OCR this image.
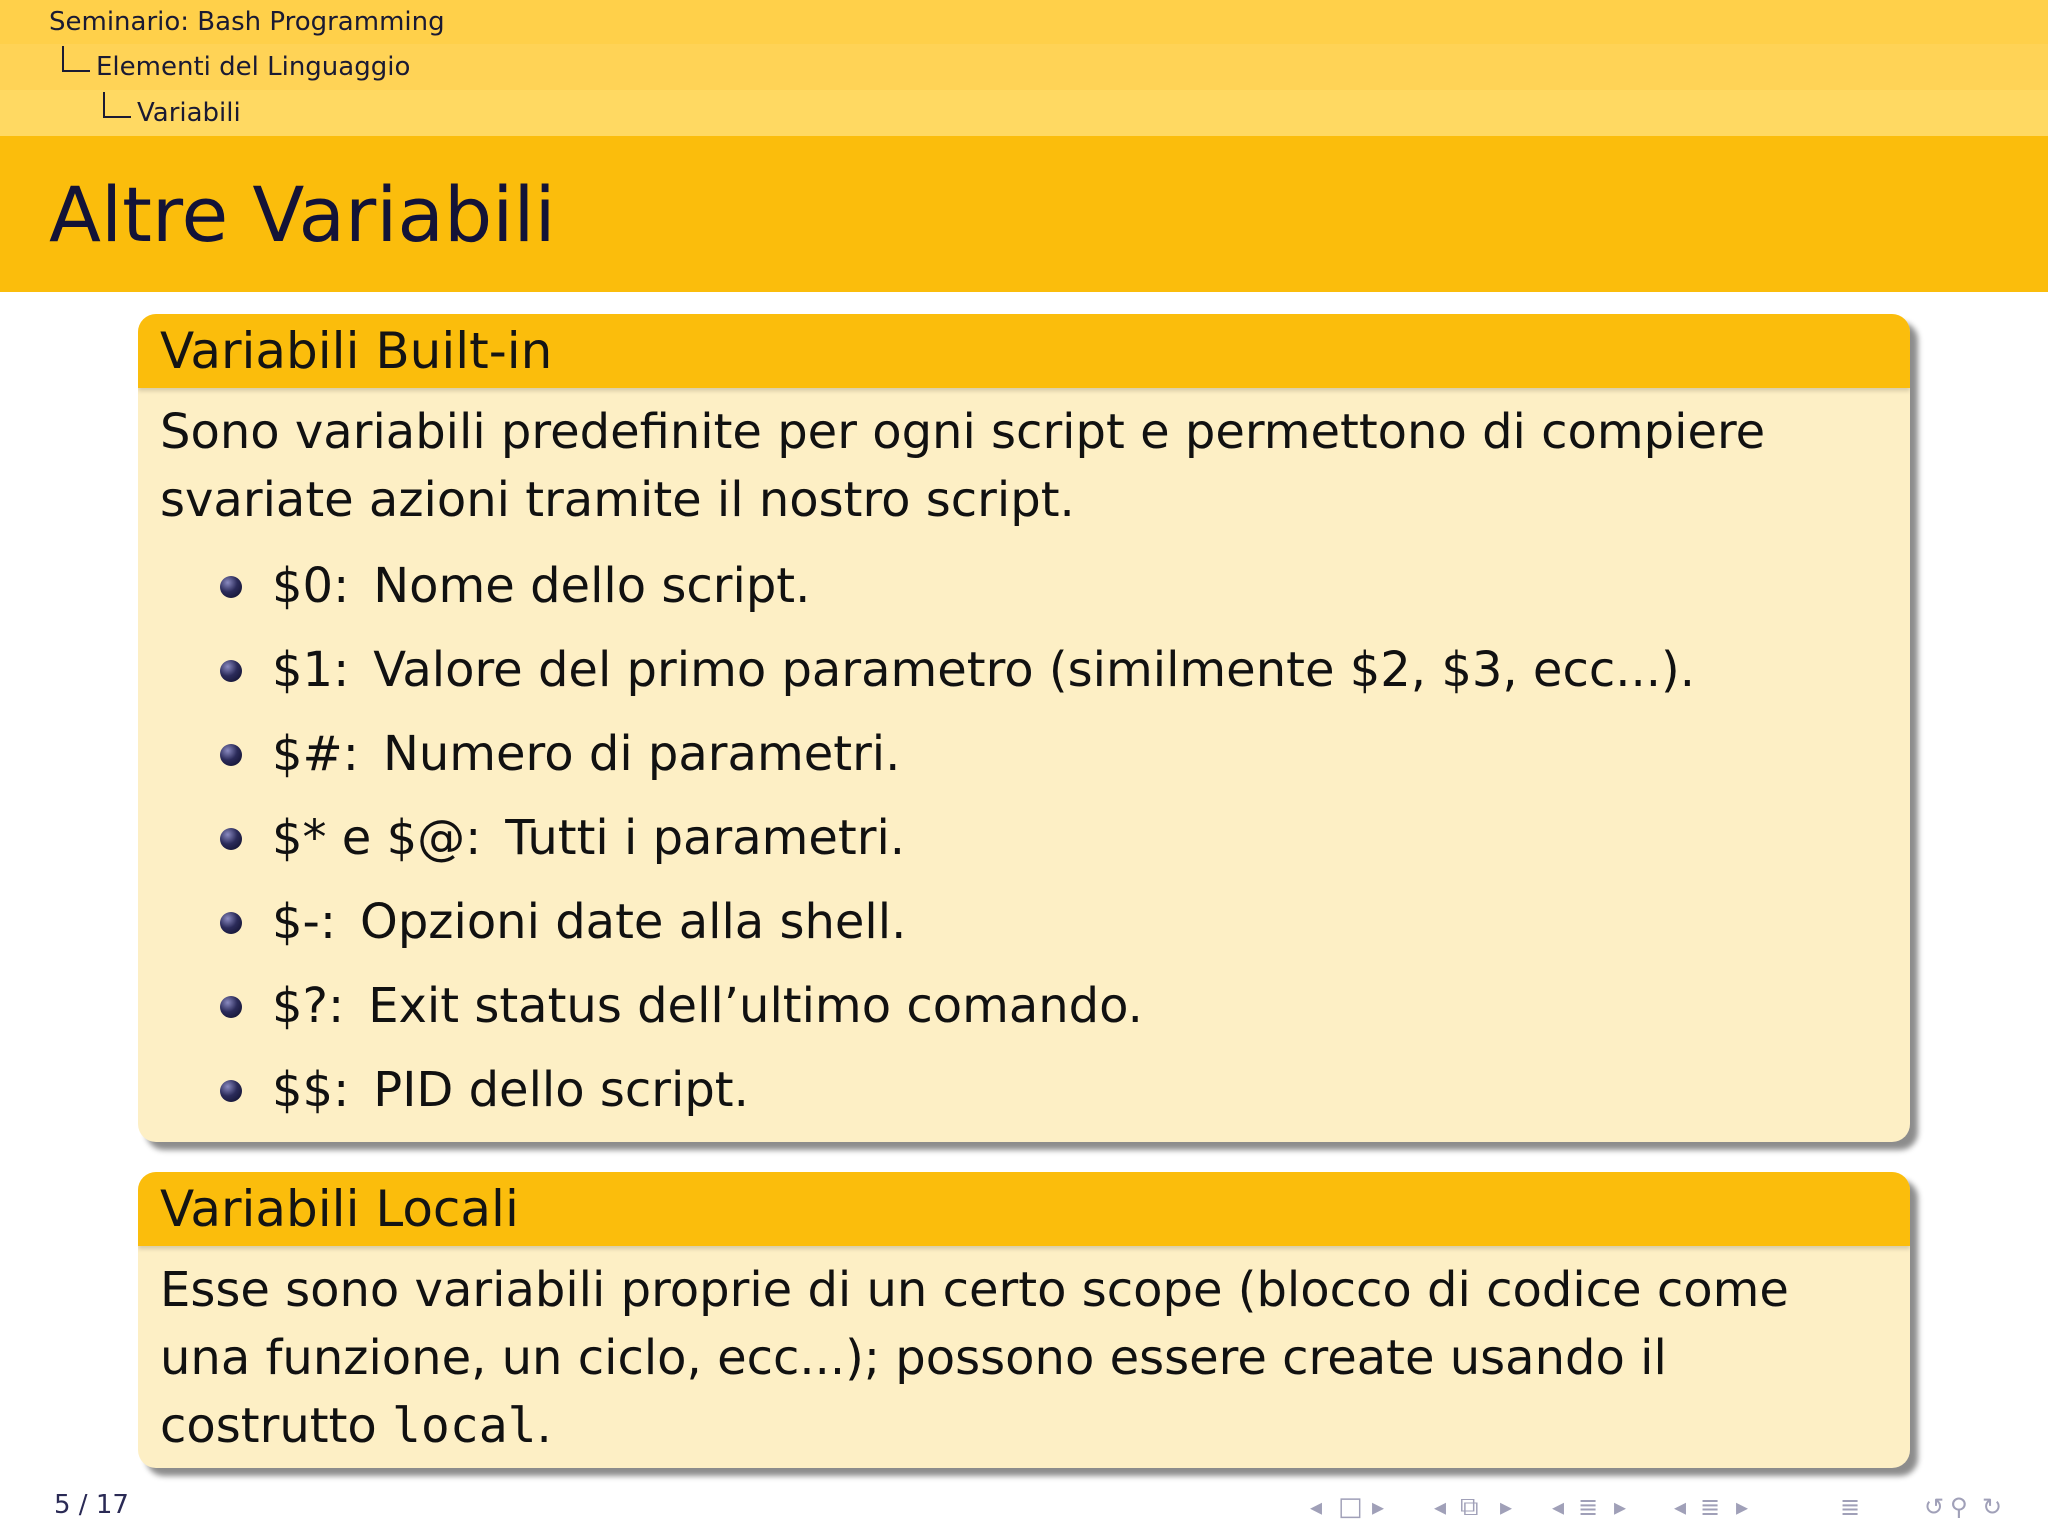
Seminario: Bash Programming
Elementi del Linguaggio
Variabili
Altre Variabili
Variabili Built-in

Sono variabili predefinite per ogni script e permettono di compiere svariate azioni tramite il nostro script.

$0: Nome dello script.
$1: Valore del primo parametro (similmente $2, $3, ecc...).
$#: Numero di parametri.
$* e $@: Tutti i parametri.
$-: Opzioni date alla shell.
$?: Exit status dell’ultimo comando.
$$: PID dello script.
Variabili Locali

Esse sono variabili proprie di un certo scope (blocco di codice come una funzione, un ciclo, ecc...); possono essere create usando il costrutto local.

5 / 17	◂ □ ▸ ◂ ⧉ ▸ ◂ ≣ ▸ ◂ ≣ ▸	≣	↺ ⚲ ↻
